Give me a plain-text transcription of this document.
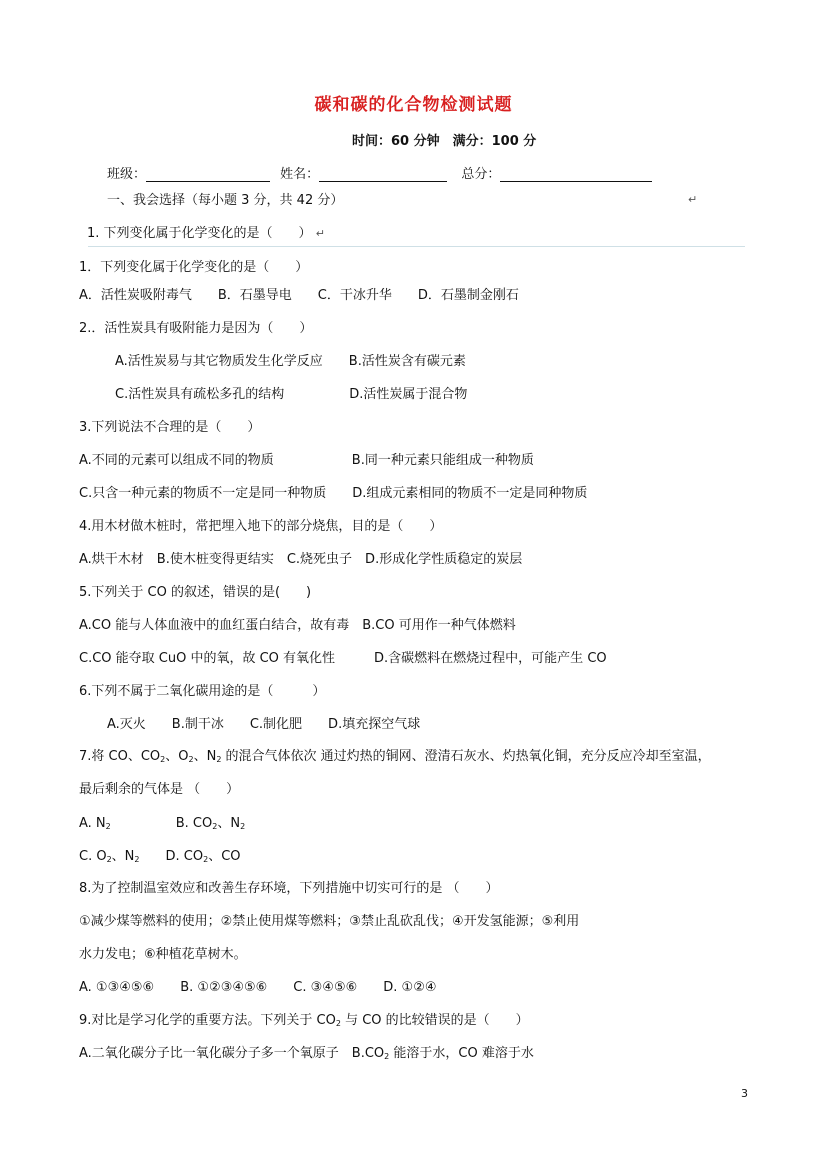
碳和碳的化合物检测试题
时间：60 分钟　满分：100 分
班级：	姓名：	总分：
一、我会选择（每小题 3 分，共 42 分）	↵
1. 下列变化属于化学变化的是（　　） ↵
1．下列变化属于化学变化的是（　　）
A．活性炭吸附毒气　　B．石墨导电　　C．干冰升华　　D．石墨制金刚石
2.．活性炭具有吸附能力是因为（　　）
A.活性炭易与其它物质发生化学反应　　B.活性炭含有碳元素
C.活性炭具有疏松多孔的结构　　　　　D.活性炭属于混合物
3.下列说法不合理的是（　　）
A.不同的元素可以组成不同的物质　　　　　　B.同一种元素只能组成一种物质
C.只含一种元素的物质不一定是同一种物质　　D.组成元素相同的物质不一定是同种物质
4.用木材做木桩时，常把埋入地下的部分烧焦，目的是（　　）
A.烘干木材　B.使木桩变得更结实　C.烧死虫子　D.形成化学性质稳定的炭层
5.下列关于 CO 的叙述，错误的是(　　)
A.CO 能与人体血液中的血红蛋白结合，故有毒　B.CO 可用作一种气体燃料
C.CO 能夺取 CuO 中的氧，故 CO 有氧化性　　　D.含碳燃料在燃烧过程中，可能产生 CO
6.下列不属于二氧化碳用途的是（　　　）
A.灭火　　B.制干冰　　C.制化肥　　D.填充探空气球
7.将 CO、$CO_2$、$O_2$、$N_2$ 的混合气体依次 通过灼热的铜网、澄清石灰水、灼热氧化铜，充分反应冷却至室温，
最后剩余的气体是 （　　）
A. $N_2$　　　　　B. $CO_2$、$N_2$
C. $O_2$、$N_2$　　D. $CO_2$、CO
8.为了控制温室效应和改善生存环境，下列措施中切实可行的是 （　　）
①减少煤等燃料的使用；②禁止使用煤等燃料；③禁止乱砍乱伐；④开发氢能源；⑤利用
水力发电；⑥种植花草树木。
A. ①③④⑤⑥　　B. ①②③④⑤⑥　　C. ③④⑤⑥　　D. ①②④
9.对比是学习化学的重要方法。下列关于 $CO_2$ 与 CO 的比较错误的是（　　）
A.二氧化碳分子比一氧化碳分子多一个氧原子　$B.CO_2$ 能溶于水，CO 难溶于水
3
